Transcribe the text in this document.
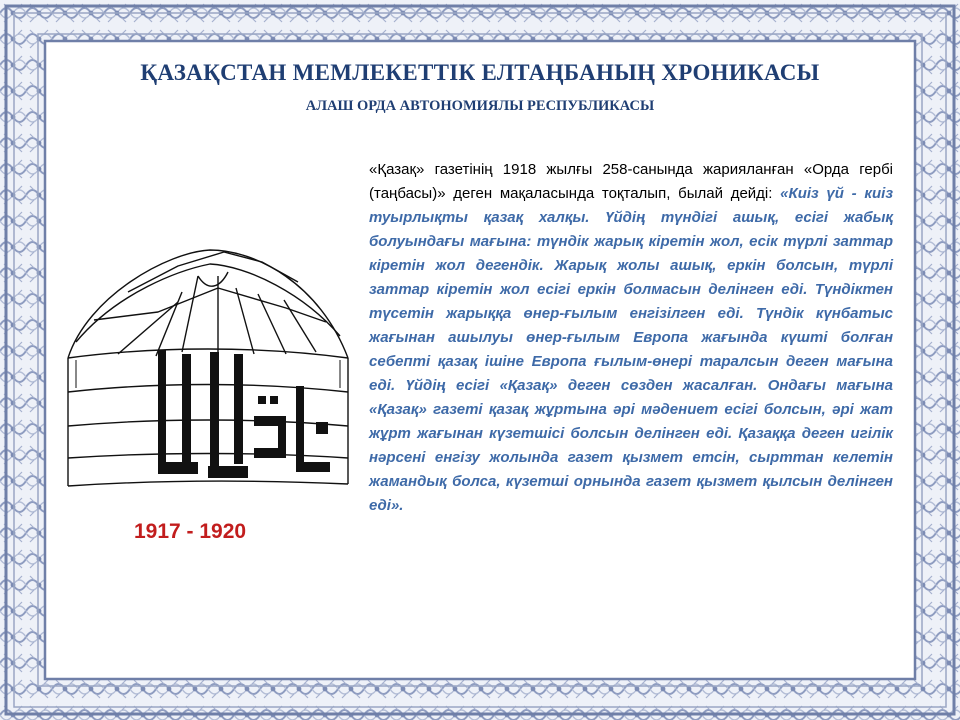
ҚАЗАҚСТАН МЕМЛЕКЕТТІК ЕЛТАҢБАНЫҢ ХРОНИКАСЫ
АЛАШ ОРДА АВТОНОМИЯЛЫ РЕСПУБЛИКАСЫ
1917 - 1920
«Қазақ» газетінің 1918 жылғы 258-санында жарияланған «Орда гербі (таңбасы)» деген мақаласында тоқталып, былай дейді: «Киіз үй - киіз туырлықты қазақ халқы. Үйдің түндігі ашық, есігі жабық болуындағы мағына: түндік жарық кіретін жол, есік түрлі заттар кіретін жол дегендік. Жарық жолы ашық, еркін болсын, түрлі заттар кіретін жол есігі еркін болмасын делінген еді. Түндіктен түсетін жарыққа өнер-ғылым енгізілген еді. Түндік күнбатыс жағынан ашылуы өнер-ғылым Европа жағында күшті болған себепті қазақ ішіне Европа ғылым-өнері таралсын деген мағына еді. Үйдің есігі «Қазақ» деген сөзден жасалған. Ондағы мағына «Қазақ» газеті қазақ жұртына әрі мәдениет есігі болсын, әрі жат жұрт жағынан күзетшісі болсын делінген еді. Қазаққа деген игілік нәрсені енгізу жолында газет қызмет етсін, сырттан келетін жамандық болса, күзетші орнында газет қызмет қылсын делінген еді».
